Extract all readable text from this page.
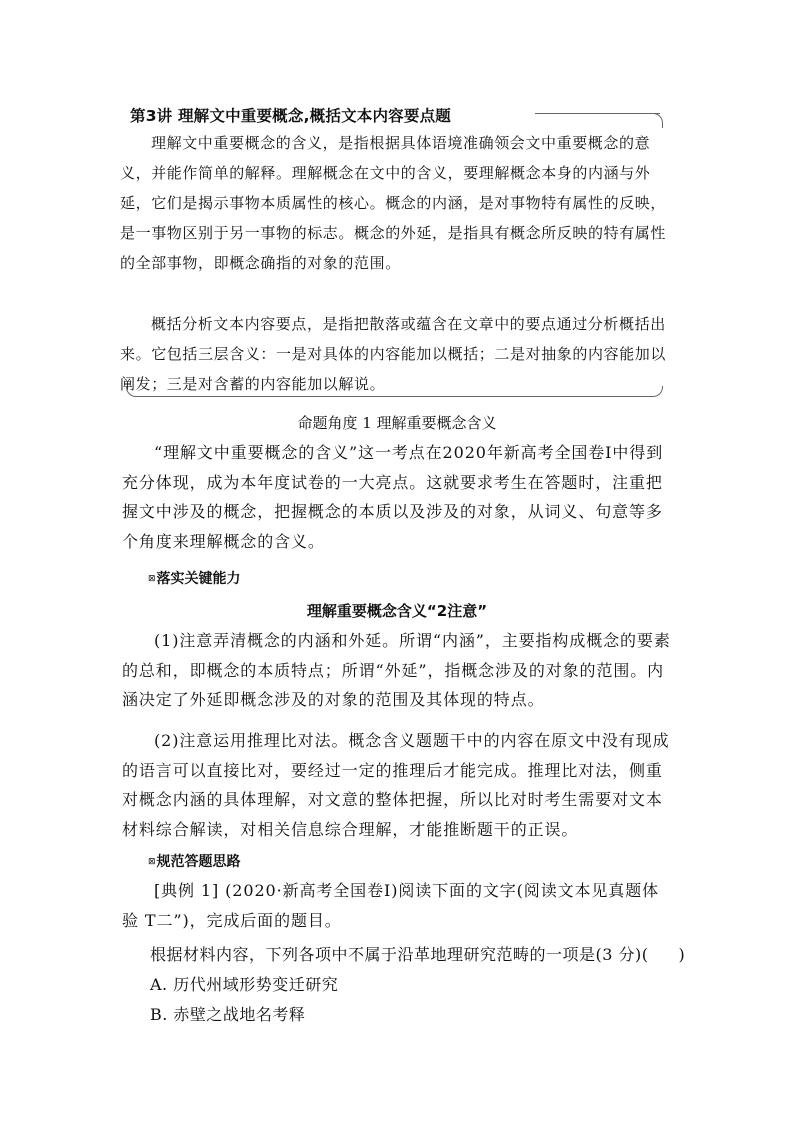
第3讲 理解文中重要概念,概括文本内容要点题

理解文中重要概念的含义，是指根据具体语境准确领会文中重要概念的意义，并能作简单的解释。理解概念在文中的含义，要理解概念本身的内涵与外延，它们是揭示事物本质属性的核心。概念的内涵，是对事物特有属性的反映，是一事物区别于另一事物的标志。概念的外延，是指具有概念所反映的特有属性的全部事物，即概念确指的对象的范围。

概括分析文本内容要点，是指把散落或蕴含在文章中的要点通过分析概括出来。它包括三层含义：一是对具体的内容能加以概括；二是对抽象的内容能加以阐发；三是对含蓄的内容能加以解说。

命题角度 1 理解重要概念含义

“理解文中重要概念的含义”这一考点在2020年新高考全国卷Ⅰ中得到充分体现，成为本年度试卷的一大亮点。这就要求考生在答题时，注重把握文中涉及的概念，把握概念的本质以及涉及的对象，从词义、句意等多个角度来理解概念的含义。

⊠落实关键能力
理解重要概念含义“2注意”

(1)注意弄清概念的内涵和外延。所谓“内涵”，主要指构成概念的要素的总和，即概念的本质特点；所谓“外延”，指概念涉及的对象的范围。内涵决定了外延即概念涉及的对象的范围及其体现的特点。

(2)注意运用推理比对法。概念含义题题干中的内容在原文中没有现成的语言可以直接比对，要经过一定的推理后才能完成。推理比对法，侧重对概念内涵的具体理解，对文意的整体把握，所以比对时考生需要对文本材料综合解读，对相关信息综合理解，才能推断题干的正误。

⊠规范答题思路

[典例 1] (2020·新高考全国卷Ⅰ)阅读下面的文字(阅读文本见真题体验 T二”)，完成后面的题目。

根据材料内容，下列各项中不属于沿革地理研究范畴的一项是(3 分)( )
A. 历代州域形势变迁研究
B. 赤壁之战地名考释
